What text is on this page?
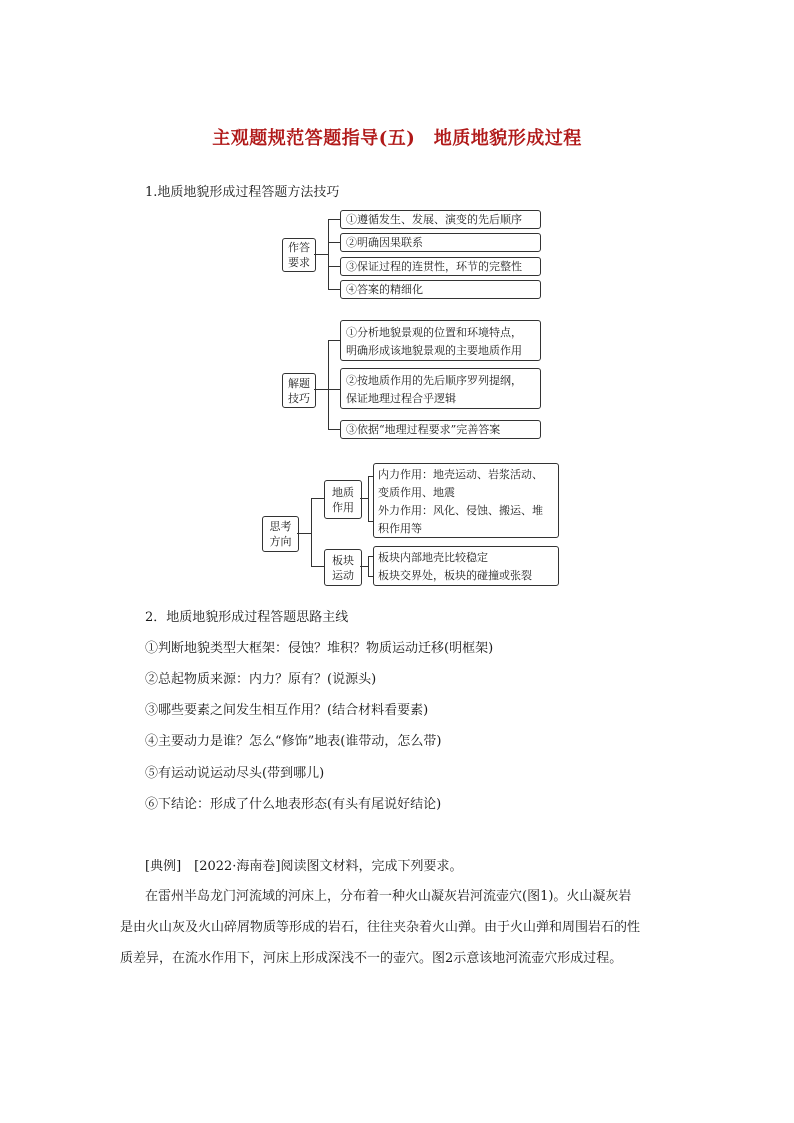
主观题规范答题指导(五)　地质地貌形成过程
1.地质地貌形成过程答题方法技巧
作答
要求
①遵循发生、发展、演变的先后顺序
②明确因果联系
③保证过程的连贯性，环节的完整性
④答案的精细化
解题
技巧
①分析地貌景观的位置和环境特点，
明确形成该地貌景观的主要地质作用
②按地质作用的先后顺序罗列提纲，
保证地理过程合乎逻辑
③依据“地理过程要求”完善答案
思考
方向
地质
作用
内力作用：地壳运动、岩浆活动、
变质作用、地震
外力作用：风化、侵蚀、搬运、堆
积作用等
板块
运动
板块内部地壳比较稳定
板块交界处，板块的碰撞或张裂
2．地质地貌形成过程答题思路主线
①判断地貌类型大框架：侵蚀？堆积？物质运动迁移(明框架)
②总起物质来源：内力？原有？(说源头)
③哪些要素之间发生相互作用？(结合材料看要素)
④主要动力是谁？怎么“修饰”地表(谁带动，怎么带)
⑤有运动说运动尽头(带到哪儿)
⑥下结论：形成了什么地表形态(有头有尾说好结论)
[典例]　[2022·海南卷]阅读图文材料，完成下列要求。
在雷州半岛龙门河流域的河床上，分布着一种火山凝灰岩河流壶穴(图1)。火山凝灰岩
是由火山灰及火山碎屑物质等形成的岩石，往往夹杂着火山弹。由于火山弹和周围岩石的性
质差异，在流水作用下，河床上形成深浅不一的壶穴。图2示意该地河流壶穴形成过程。
